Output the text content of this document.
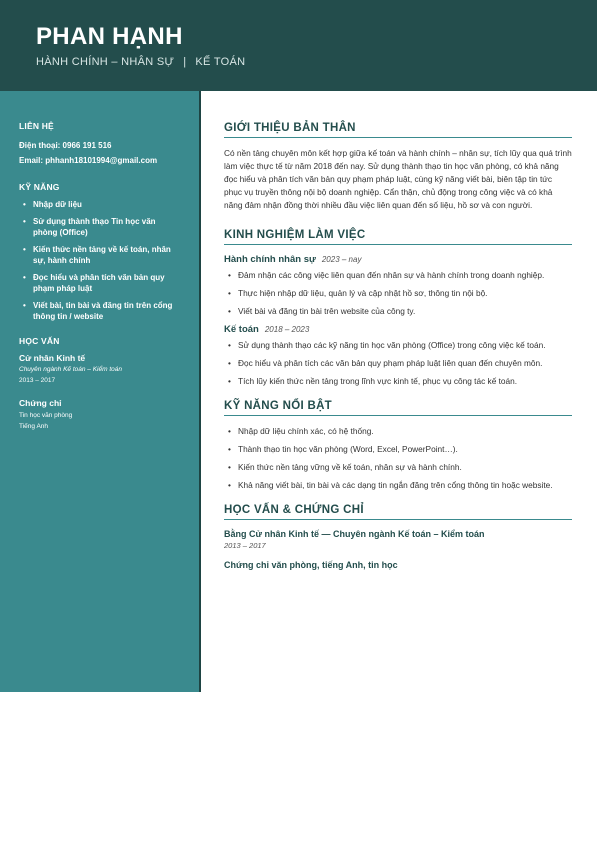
PHAN HẠNH
HÀNH CHÍNH – NHÂN SỰ | KẾ TOÁN
LIÊN HỆ
Điện thoại: 0966 191 516
Email: phhanh18101994@gmail.com
KỸ NĂNG
• Nhập dữ liệu
• Sử dụng thành thạo Tin học văn phòng (Office)
• Kiến thức nền tảng về kế toán, nhân sự, hành chính
• Đọc hiểu và phân tích văn bản quy phạm pháp luật
• Viết bài, tin bài và đăng tin trên cổng thông tin / website
HỌC VẤN
Cử nhân Kinh tế
Chuyên ngành Kế toán – Kiểm toán
2013 – 2017
Chứng chỉ
Tin học văn phòng
Tiếng Anh
GIỚI THIỆU BẢN THÂN

Có nền tảng chuyên môn kết hợp giữa kế toán và hành chính – nhân sự, tích lũy qua quá trình làm việc thực tế từ năm 2018 đến nay. Sử dụng thành thạo tin học văn phòng, có khả năng đọc hiểu và phân tích văn bản quy phạm pháp luật, cùng kỹ năng viết bài, biên tập tin tức phục vụ truyền thông nội bộ doanh nghiệp. Cẩn thận, chủ động trong công việc và có khả năng đảm nhận đồng thời nhiều đầu việc liên quan đến số liệu, hồ sơ và con người.

KINH NGHIỆM LÀM VIỆC
Hành chính nhân sự 2023 – nay
• Đảm nhận các công việc liên quan đến nhân sự và hành chính trong doanh nghiệp.
• Thực hiện nhập dữ liệu, quản lý và cập nhật hồ sơ, thông tin nội bộ.
• Viết bài và đăng tin bài trên website của công ty.
Kế toán 2018 – 2023
• Sử dụng thành thạo các kỹ năng tin học văn phòng (Office) trong công việc kế toán.
• Đọc hiểu và phân tích các văn bản quy phạm pháp luật liên quan đến chuyên môn.
• Tích lũy kiến thức nền tảng trong lĩnh vực kinh tế, phục vụ công tác kế toán.
KỸ NĂNG NỔI BẬT
• Nhập dữ liệu chính xác, có hệ thống.
• Thành thạo tin học văn phòng (Word, Excel, PowerPoint…).
• Kiến thức nền tảng vững về kế toán, nhân sự và hành chính.
• Khả năng viết bài, tin bài và các dạng tin ngắn đăng trên cổng thông tin hoặc website.
HỌC VẤN & CHỨNG CHỈ
Bằng Cử nhân Kinh tế — Chuyên ngành Kế toán – Kiểm toán
2013 – 2017
Chứng chỉ văn phòng, tiếng Anh, tin học
